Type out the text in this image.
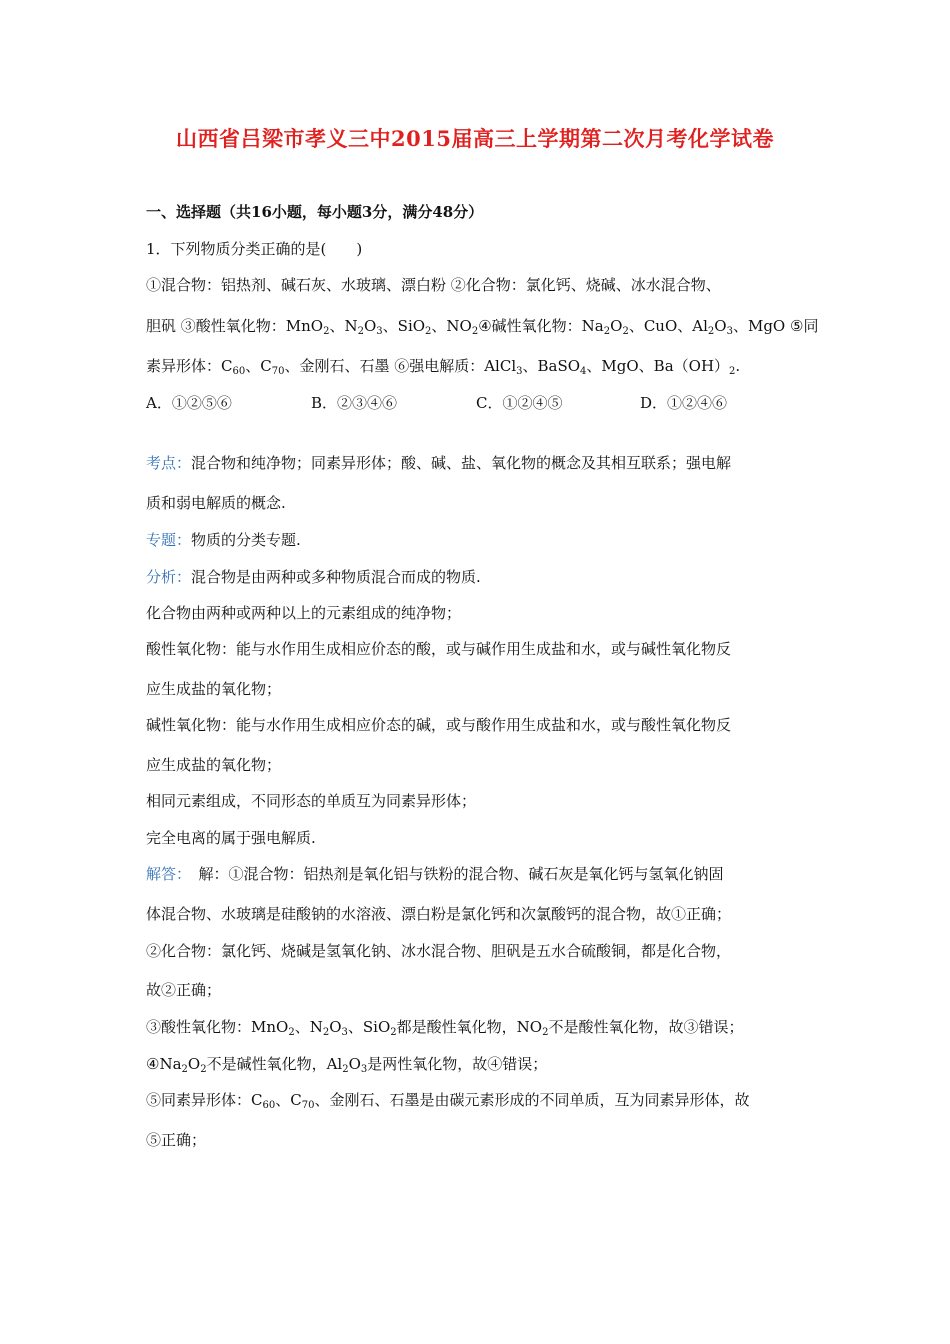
山西省吕梁市孝义三中2015届高三上学期第二次月考化学试卷
一、选择题（共16小题，每小题3分，满分48分）
1．下列物质分类正确的是(　　)
①混合物：铝热剂、碱石灰、水玻璃、漂白粉 ②化合物：氯化钙、烧碱、冰水混合物、
胆矾 ③酸性氧化物：MnO$_2$、$N_2O_3$、SiO$_2$、$NO_2④$碱性氧化物：$Na_2O_2$、CuO、$Al_2O_3$、MgO ⑤同
素异形体：$C_{60}$、$C_{70}$、金刚石、石墨 ⑥强电解质：AlCl$_3$、BaSO$_4$、MgO、$Ba(OH)_2$.
A．①②⑤⑥	B．②③④⑥	C．①②④⑤	D．①②④⑥
考点：混合物和纯净物；同素异形体；酸、碱、盐、氧化物的概念及其相互联系；强电解
质和弱电解质的概念.
专题：物质的分类专题.
分析：混合物是由两种或多种物质混合而成的物质.
化合物由两种或两种以上的元素组成的纯净物；
酸性氧化物：能与水作用生成相应价态的酸，或与碱作用生成盐和水，或与碱性氧化物反
应生成盐的氧化物；
碱性氧化物：能与水作用生成相应价态的碱，或与酸作用生成盐和水，或与酸性氧化物反
应生成盐的氧化物；
相同元素组成，不同形态的单质互为同素异形体；
完全电离的属于强电解质.
解答：　解：①混合物：铝热剂是氧化铝与铁粉的混合物、碱石灰是氧化钙与氢氧化钠固
体混合物、水玻璃是硅酸钠的水溶液、漂白粉是氯化钙和次氯酸钙的混合物，故①正确；
②化合物：氯化钙、烧碱是氢氧化钠、冰水混合物、胆矾是五水合硫酸铜，都是化合物，
故②正确；
③酸性氧化物：MnO$_2$、$N_2O_3$、SiO$_2$都是酸性氧化物，$NO_2$不是酸性氧化物，故③错误；
$④Na_2O_2$不是碱性氧化物，$Al_2O_3$是两性氧化物，故④错误；
⑤同素异形体：$C_{60}$、$C_{70}$、金刚石、石墨是由碳元素形成的不同单质，互为同素异形体，故
⑤正确；
